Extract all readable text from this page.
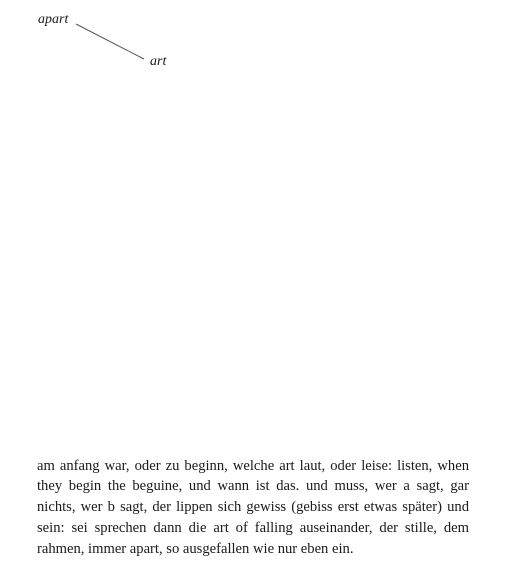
apart
art

am anfang war, oder zu beginn, welche art laut, oder leise: listen, when they begin the beguine, und wann ist das. und muss, wer a sagt, gar nichts, wer b sagt, der lippen sich gewiss (gebiss erst etwas später) und sein: sei sprechen dann die art of falling auseinander, der stille, dem rahmen, immer apart, so ausgefallen wie nur eben ein.
